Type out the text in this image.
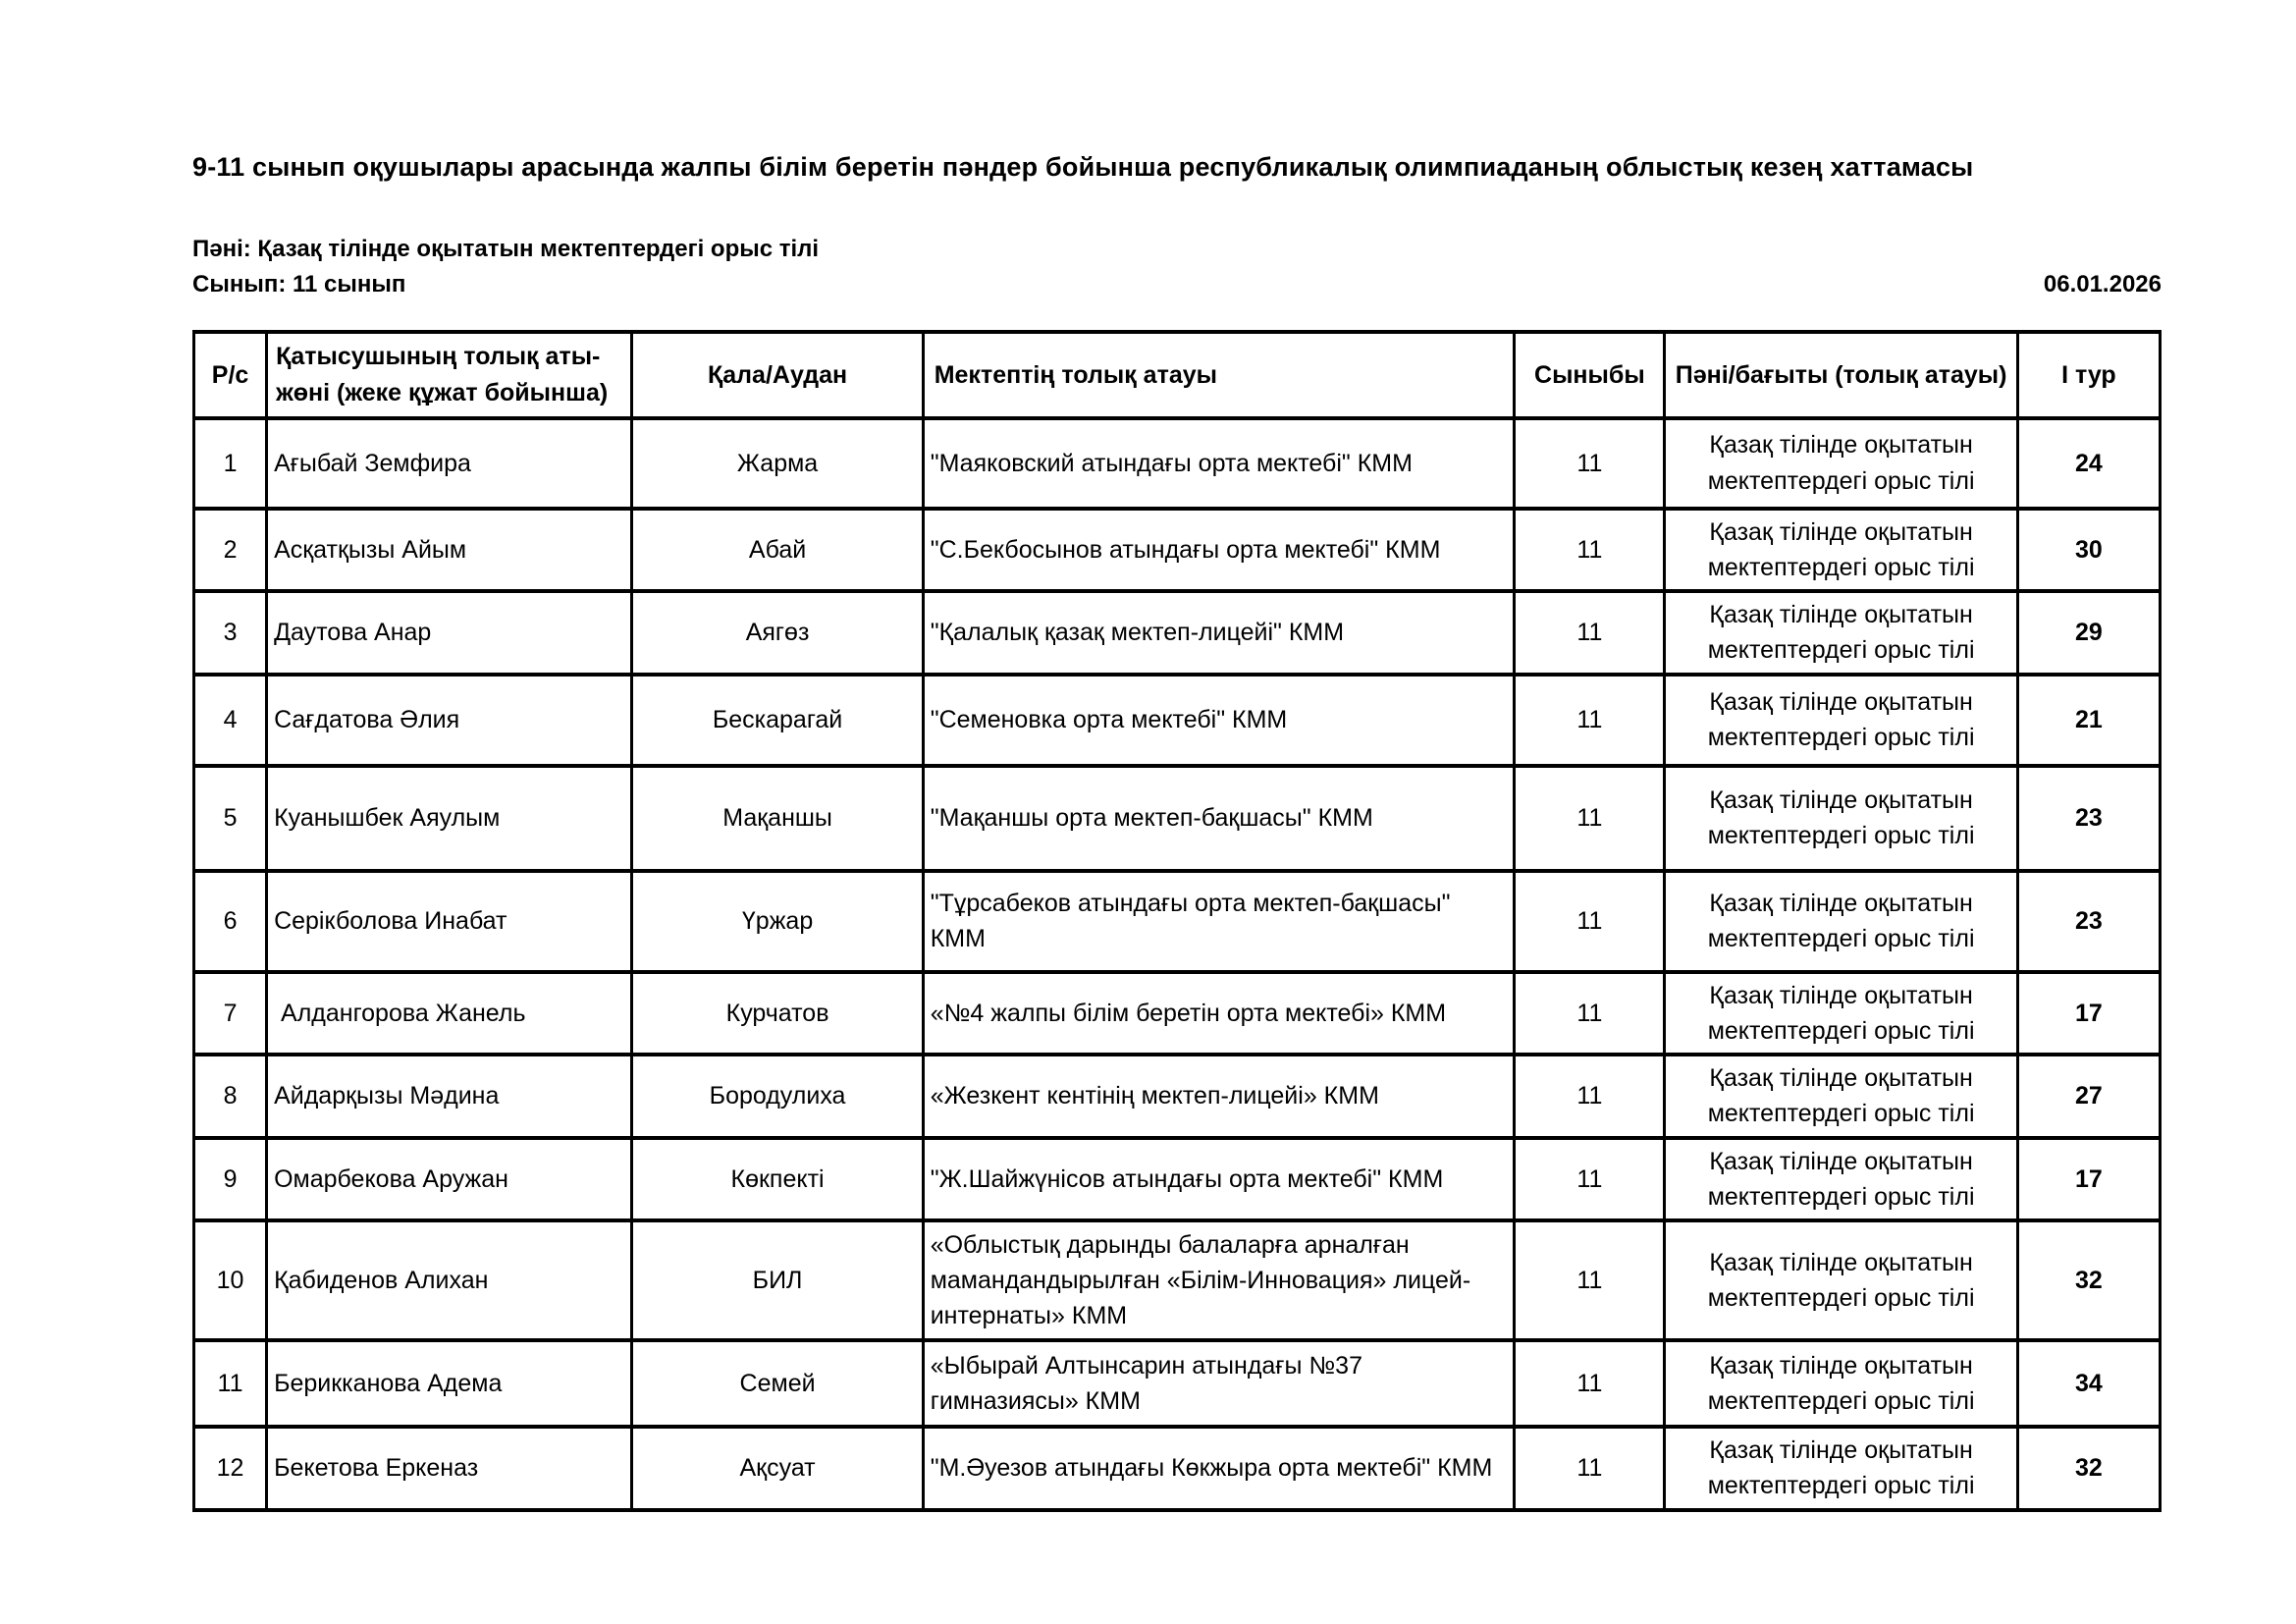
9-11 сынып оқушылары арасында жалпы білім беретін пәндер бойынша республикалық олимпиаданың облыстық кезең хаттамасы
Пәні: Қазақ тілінде оқытатын мектептердегі орыс тілі
Сынып: 11 сынып	06.01.2026
Р/с	Қатысушының толық аты-жөні (жеке құжат бойынша)	Қала/Аудан	Мектептің толық атауы	Сыныбы	Пәні/бағыты (толық атауы)	І тур
1	Ағыбай Земфира	Жарма	"Маяковский атындағы орта мектебі" КММ	11	Қазақ тілінде оқытатын мектептердегі орыс тілі	24
2	Асқатқызы Айым	Абай	"С.Бекбосынов атындағы орта мектебі" КММ	11	Қазақ тілінде оқытатын мектептердегі орыс тілі	30
3	Даутова Анар	Аягөз	"Қалалық қазақ мектеп-лицейі" КММ	11	Қазақ тілінде оқытатын мектептердегі орыс тілі	29
4	Сағдатова Әлия	Бескарагай	"Семеновка орта мектебі" КММ	11	Қазақ тілінде оқытатын мектептердегі орыс тілі	21
5	Куанышбек Аяулым	Мақаншы	"Мақаншы орта мектеп-бақшасы" КММ	11	Қазақ тілінде оқытатын мектептердегі орыс тілі	23
6	Серікболова Инабат	Үржар	"Тұрсабеков атындағы орта мектеп-бақшасы" КММ	11	Қазақ тілінде оқытатын мектептердегі орыс тілі	23
7	Алдангорова Жанель	Курчатов	«№4 жалпы білім беретін орта мектебі» КММ	11	Қазақ тілінде оқытатын мектептердегі орыс тілі	17
8	Айдарқызы Мәдина	Бородулиха	«Жезкент кентінің мектеп-лицейі» КММ	11	Қазақ тілінде оқытатын мектептердегі орыс тілі	27
9	Омарбекова Аружан	Көкпекті	"Ж.Шайжүнісов атындағы орта мектебі" КММ	11	Қазақ тілінде оқытатын мектептердегі орыс тілі	17
10	Қабиденов Алихан	БИЛ	«Облыстық дарынды балаларға арналған мамандандырылған «Білім-Инновация» лицей-интернаты» КММ	11	Қазақ тілінде оқытатын мектептердегі орыс тілі	32
11	Берикканова Адема	Семей	«Ыбырай Алтынсарин атындағы №37 гимназиясы» КММ	11	Қазақ тілінде оқытатын мектептердегі орыс тілі	34
12	Бекетова Еркеназ	Ақсуат	"М.Әуезов атындағы Көкжыра орта мектебі" КММ	11	Қазақ тілінде оқытатын мектептердегі орыс тілі	32
